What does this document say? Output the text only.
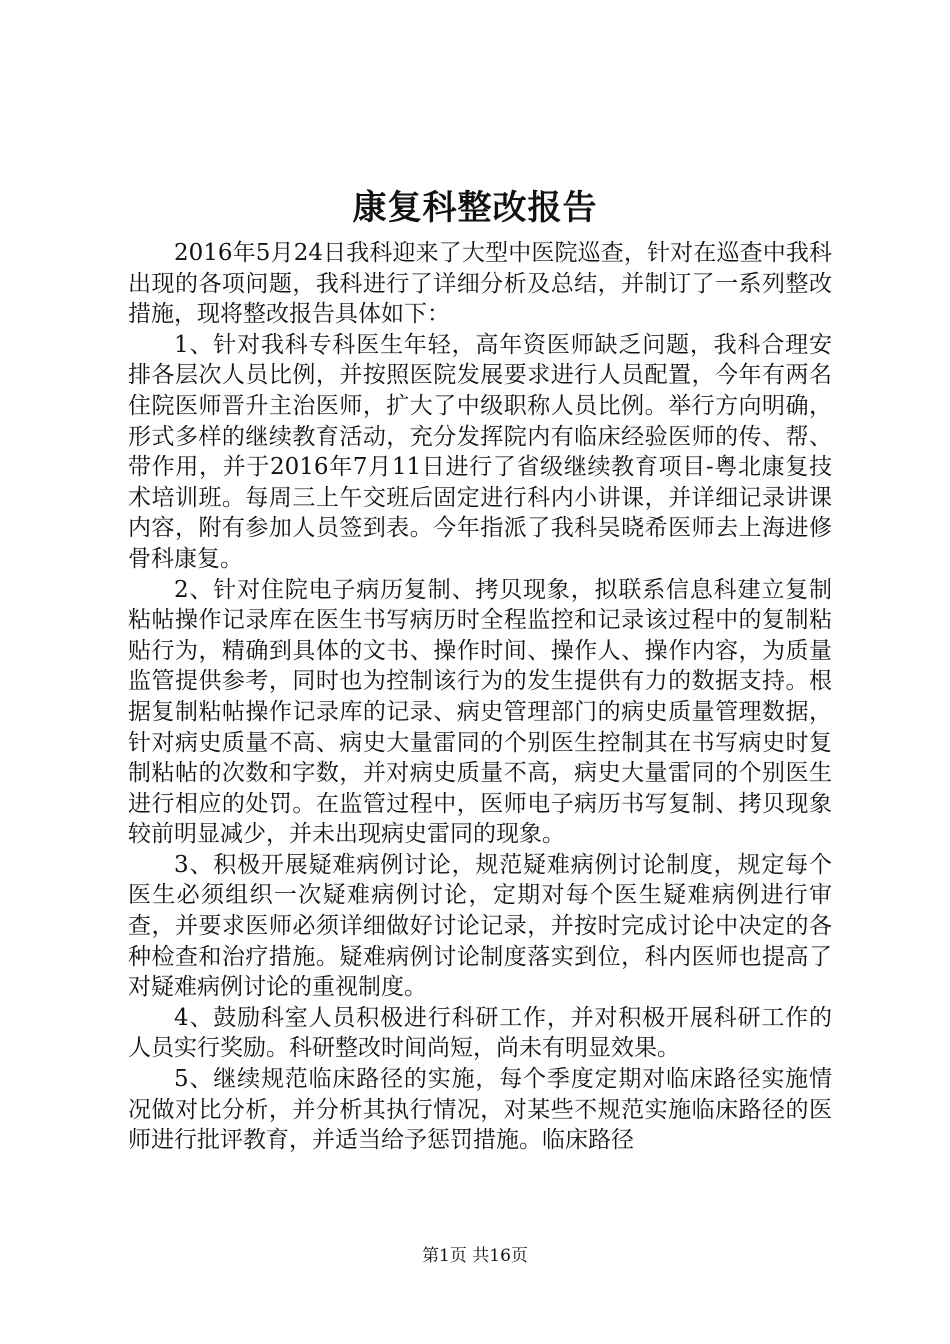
康复科整改报告

2016年5月24日我科迎来了大型中医院巡查，针对在巡查中我科出现的各项问题，我科进行了详细分析及总结，并制订了一系列整改措施，现将整改报告具体如下：

1、针对我科专科医生年轻，高年资医师缺乏问题，我科合理安排各层次人员比例，并按照医院发展要求进行人员配置，今年有两名住院医师晋升主治医师，扩大了中级职称人员比例。举行方向明确，形式多样的继续教育活动，充分发挥院内有临床经验医师的传、帮、带作用，并于2016年7月11日进行了省级继续教育项目-粤北康复技术培训班。每周三上午交班后固定进行科内小讲课，并详细记录讲课内容，附有参加人员签到表。今年指派了我科吴晓希医师去上海进修骨科康复。

2、针对住院电子病历复制、拷贝现象，拟联系信息科建立复制粘帖操作记录库在医生书写病历时全程监控和记录该过程中的复制粘贴行为，精确到具体的文书、操作时间、操作人、操作内容，为质量监管提供参考，同时也为控制该行为的发生提供有力的数据支持。根据复制粘帖操作记录库的记录、病史管理部门的病史质量管理数据，针对病史质量不高、病史大量雷同的个别医生控制其在书写病史时复制粘帖的次数和字数，并对病史质量不高，病史大量雷同的个别医生进行相应的处罚。在监管过程中，医师电子病历书写复制、拷贝现象较前明显减少，并未出现病史雷同的现象。

3、积极开展疑难病例讨论，规范疑难病例讨论制度，规定每个医生必须组织一次疑难病例讨论，定期对每个医生疑难病例进行审查，并要求医师必须详细做好讨论记录，并按时完成讨论中决定的各种检查和治疗措施。疑难病例讨论制度落实到位，科内医师也提高了对疑难病例讨论的重视制度。

4、鼓励科室人员积极进行科研工作，并对积极开展科研工作的人员实行奖励。科研整改时间尚短，尚未有明显效果。

5、继续规范临床路径的实施，每个季度定期对临床路径实施情况做对比分析，并分析其执行情况，对某些不规范实施临床路径的医师进行批评教育，并适当给予惩罚措施。临床路径

第1页 共16页
